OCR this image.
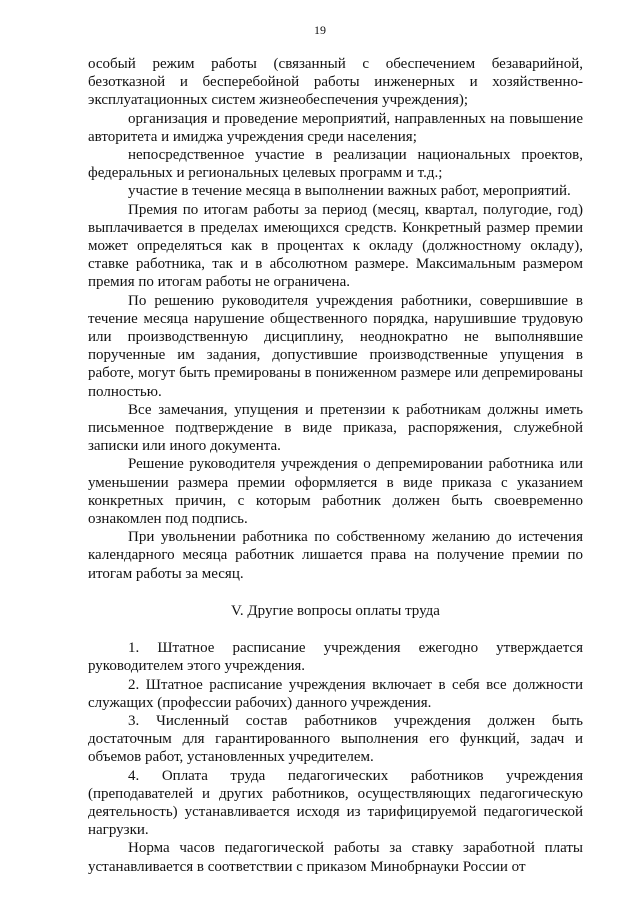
19

особый режим работы (связанный с обеспечением безаварийной, безотказной и бесперебойной работы инженерных и хозяйственно-эксплуатационных систем жизнеобеспечения учреждения);

организация и проведение мероприятий, направленных на повышение авторитета и имиджа учреждения среди населения;

непосредственное участие в реализации национальных проектов, федеральных и региональных целевых программ и т.д.;

участие в течение месяца в выполнении важных работ, мероприятий.

Премия по итогам работы за период (месяц, квартал, полугодие, год) выплачивается в пределах имеющихся средств. Конкретный размер премии может определяться как в процентах к окладу (должностному окладу), ставке работника, так и в абсолютном размере. Максимальным размером премия по итогам работы не ограничена.

По решению руководителя учреждения работники, совершившие в течение месяца нарушение общественного порядка, нарушившие трудовую или производственную дисциплину, неоднократно не выполнявшие порученные им задания, допустившие производственные упущения в работе, могут быть премированы в пониженном размере или депремированы полностью.

Все замечания, упущения и претензии к работникам должны иметь письменное подтверждение в виде приказа, распоряжения, служебной записки или иного документа.

Решение руководителя учреждения о депремировании работника или уменьшении размера премии оформляется в виде приказа с указанием конкретных причин, с которым работник должен быть своевременно ознакомлен под подпись.

При увольнении работника по собственному желанию до истечения календарного месяца работник лишается права на получение премии по итогам работы за месяц.

V. Другие вопросы оплаты труда

1. Штатное расписание учреждения ежегодно утверждается руководителем этого учреждения.

2. Штатное расписание учреждения включает в себя все должности служащих (профессии рабочих) данного учреждения.

3. Численный состав работников учреждения должен быть достаточным для гарантированного выполнения его функций, задач и объемов работ, установленных учредителем.

4. Оплата труда педагогических работников учреждения (преподавателей и других работников, осуществляющих педагогическую деятельность) устанавливается исходя из тарифицируемой педагогической нагрузки.

Норма часов педагогической работы за ставку заработной платы устанавливается в соответствии с приказом Минобрнауки России от
